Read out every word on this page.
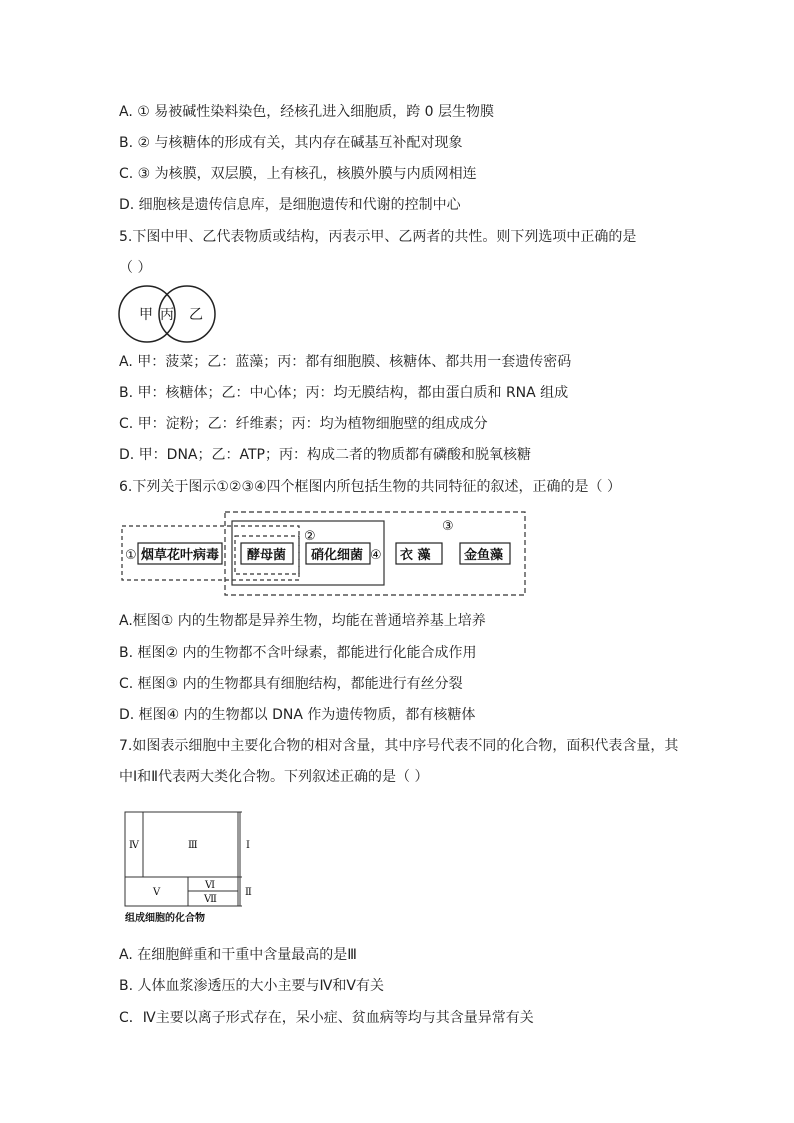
A. ① 易被碱性染料染色，经核孔进入细胞质，跨 0 层生物膜
B. ② 与核糖体的形成有关，其内存在碱基互补配对现象
C. ③ 为核膜，双层膜，上有核孔，核膜外膜与内质网相连
D. 细胞核是遗传信息库，是细胞遗传和代谢的控制中心
5.下图中甲、乙代表物质或结构，丙表示甲、乙两者的共性。则下列选项中正确的是
（ ）
甲 丙 乙
A. 甲：菠菜；乙：蓝藻；丙：都有细胞膜、核糖体、都共用一套遗传密码
B. 甲：核糖体；乙：中心体；丙：均无膜结构，都由蛋白质和 RNA 组成
C. 甲：淀粉；乙：纤维素；丙：均为植物细胞壁的组成成分
D. 甲：DNA；乙：ATP；丙：构成二者的物质都有磷酸和脱氧核糖
6.下列关于图示①②③④四个框图内所包括生物的共同特征的叙述，正确的是（ ）
烟草花叶病毒 酵母菌 硝化细菌	衣 藻	金鱼藻
①
②
③
④
A.框图① 内的生物都是异养生物，均能在普通培养基上培养
B. 框图② 内的生物都不含叶绿素，都能进行化能合成作用
C. 框图③ 内的生物都具有细胞结构，都能进行有丝分裂
D. 框图④ 内的生物都以 DNA 作为遗传物质，都有核糖体
7.如图表示细胞中主要化合物的相对含量，其中序号代表不同的化合物，面积代表含量，其
中Ⅰ和Ⅱ代表两大类化合物。下列叙述正确的是（ ）
Ⅳ	Ⅲ
Ⅴ
Ⅵ
Ⅶ
Ⅰ
Ⅱ
组成细胞的化合物
A. 在细胞鲜重和干重中含量最高的是Ⅲ
B. 人体血浆渗透压的大小主要与Ⅳ和Ⅴ有关
C．Ⅳ主要以离子形式存在，呆小症、贫血病等均与其含量异常有关
